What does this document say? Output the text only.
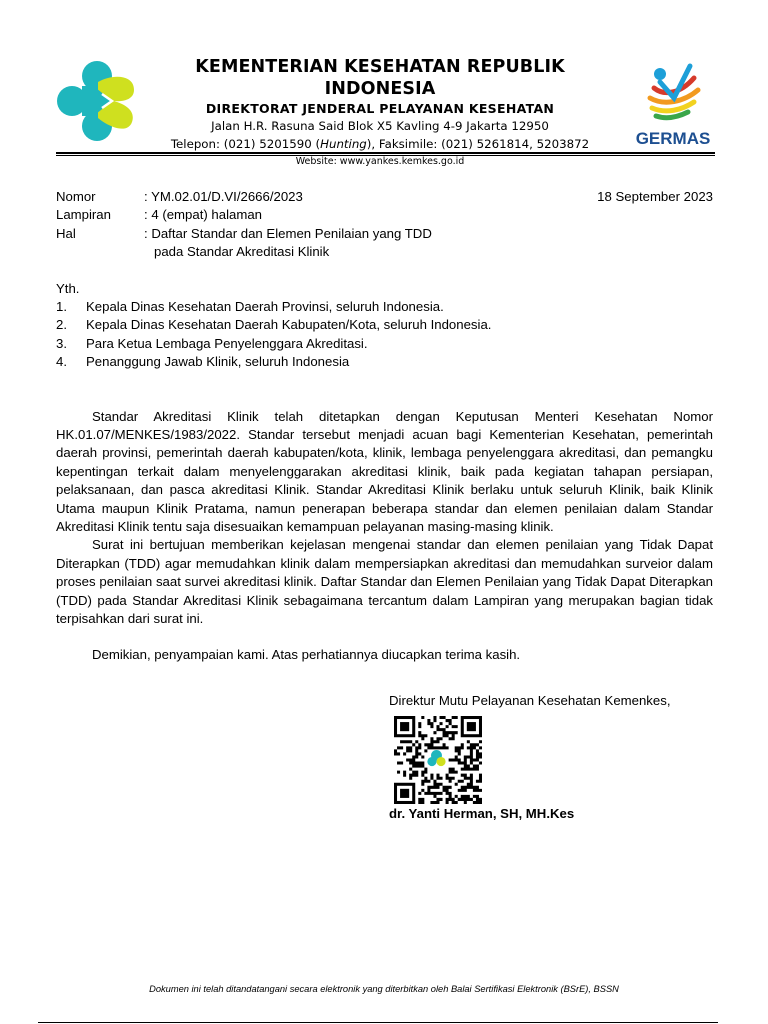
KEMENTERIAN KESEHATAN REPUBLIK INDONESIA
DIREKTORAT JENDERAL PELAYANAN KESEHATAN
Jalan H.R. Rasuna Said Blok X5 Kavling 4-9 Jakarta 12950
Telepon: (021) 5201590 (Hunting), Faksimile: (021) 5261814, 5203872
Website: www.yankes.kemkes.go.id
GERMAS
Nomor	: YM.02.01/D.VI/2666/2023	18 September 2023
Lampiran	: 4 (empat) halaman
Hal	: Daftar Standar dan Elemen Penilaian yang TDD
pada Standar Akreditasi Klinik
Yth.
1.	Kepala Dinas Kesehatan Daerah Provinsi, seluruh Indonesia.
2.	Kepala Dinas Kesehatan Daerah Kabupaten/Kota, seluruh Indonesia.
3.	Para Ketua Lembaga Penyelenggara Akreditasi.
4.	Penanggung Jawab Klinik, seluruh Indonesia

Standar Akreditasi Klinik telah ditetapkan dengan Keputusan Menteri Kesehatan Nomor HK.01.07/MENKES/1983/2022. Standar tersebut menjadi acuan bagi Kementerian Kesehatan, pemerintah daerah provinsi, pemerintah daerah kabupaten/kota, klinik, lembaga penyelenggara akreditasi, dan pemangku kepentingan terkait dalam menyelenggarakan akreditasi klinik, baik pada kegiatan tahapan persiapan, pelaksanaan, dan pasca akreditasi Klinik. Standar Akreditasi Klinik berlaku untuk seluruh Klinik, baik Klinik Utama maupun Klinik Pratama, namun penerapan beberapa standar dan elemen penilaian dalam Standar Akreditasi Klinik tentu saja disesuaikan kemampuan pelayanan masing-masing klinik.

Surat ini bertujuan memberikan kejelasan mengenai standar dan elemen penilaian yang Tidak Dapat Diterapkan (TDD) agar memudahkan klinik dalam mempersiapkan akreditasi dan memudahkan surveior dalam proses penilaian saat survei akreditasi klinik. Daftar Standar dan Elemen Penilaian yang Tidak Dapat Diterapkan (TDD) pada Standar Akreditasi Klinik sebagaimana tercantum dalam Lampiran yang merupakan bagian tidak terpisahkan dari surat ini.

Demikian, penyampaian kami. Atas perhatiannya diucapkan terima kasih.

Direktur Mutu Pelayanan Kesehatan Kemenkes,
dr. Yanti Herman, SH, MH.Kes
Dokumen ini telah ditandatangani secara elektronik yang diterbitkan oleh Balai Sertifikasi Elektronik (BSrE), BSSN
